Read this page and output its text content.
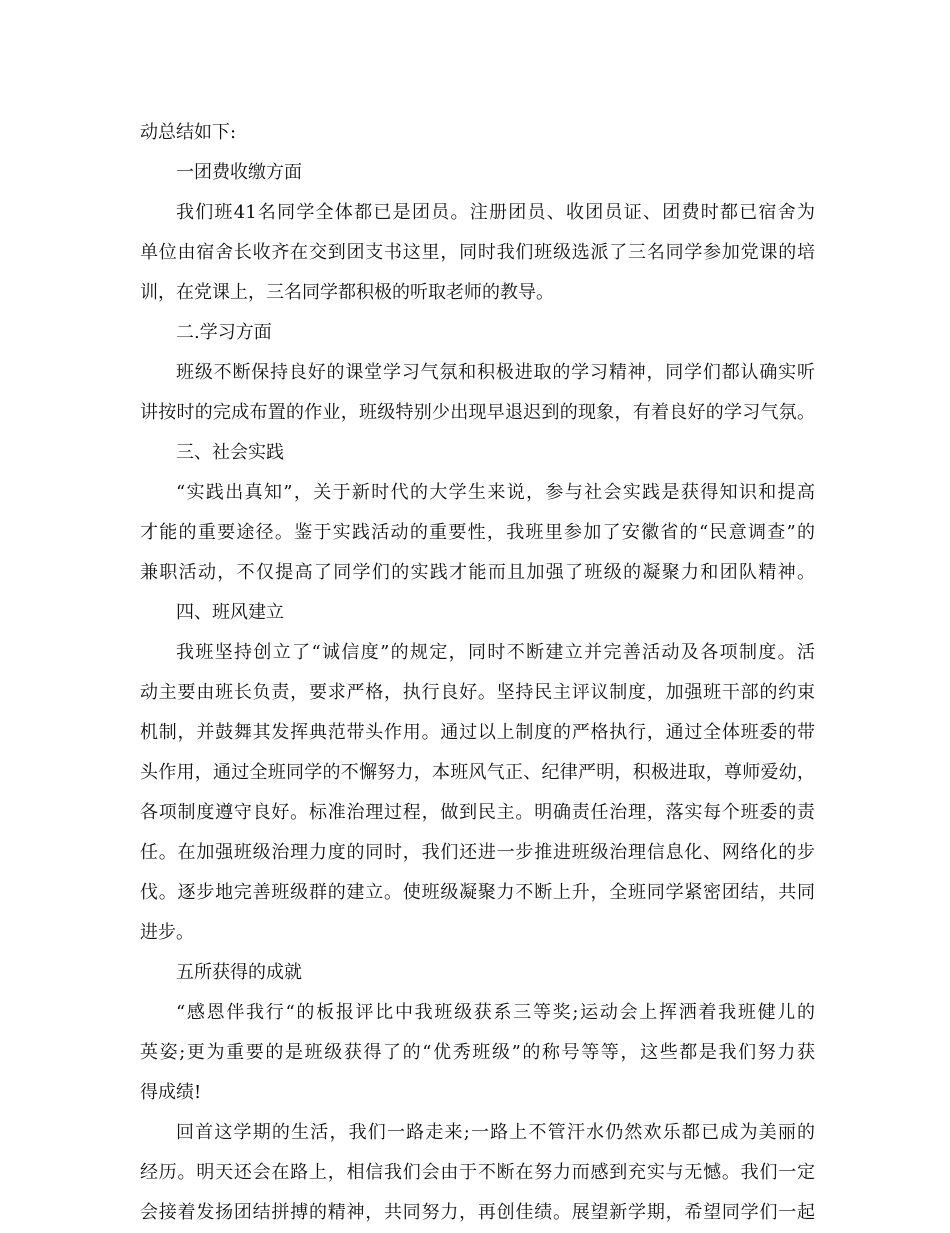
动总结如下:
一团费收缴方面
我们班41名同学全体都已是团员。注册团员、收团员证、团费时都已宿舍为
单位由宿舍长收齐在交到团支书这里，同时我们班级选派了三名同学参加党课的培
训，在党课上，三名同学都积极的听取老师的教导。
二.学习方面
班级不断保持良好的课堂学习气氛和积极进取的学习精神，同学们都认确实听
讲按时的完成布置的作业，班级特别少出现早退迟到的现象，有着良好的学习气氛。
三、社会实践
“实践出真知”，关于新时代的大学生来说，参与社会实践是获得知识和提高
才能的重要途径。鉴于实践活动的重要性，我班里参加了安徽省的“民意调查”的
兼职活动，不仅提高了同学们的实践才能而且加强了班级的凝聚力和团队精神。
四、班风建立
我班坚持创立了“诚信度”的规定，同时不断建立并完善活动及各项制度。活
动主要由班长负责，要求严格，执行良好。坚持民主评议制度，加强班干部的约束
机制，并鼓舞其发挥典范带头作用。通过以上制度的严格执行，通过全体班委的带
头作用，通过全班同学的不懈努力，本班风气正、纪律严明，积极进取，尊师爱幼，
各项制度遵守良好。标准治理过程，做到民主。明确责任治理，落实每个班委的责
任。在加强班级治理力度的同时，我们还进一步推进班级治理信息化、网络化的步
伐。逐步地完善班级群的建立。使班级凝聚力不断上升，全班同学紧密团结，共同
进步。
五所获得的成就
“感恩伴我行“的板报评比中我班级获系三等奖;运动会上挥洒着我班健儿的
英姿;更为重要的是班级获得了的“优秀班级”的称号等等，这些都是我们努力获
得成绩!
回首这学期的生活，我们一路走来;一路上不管汗水仍然欢乐都已成为美丽的
经历。明天还会在路上，相信我们会由于不断在努力而感到充实与无憾。我们一定
会接着发扬团结拼搏的精神，共同努力，再创佳绩。展望新学期，希望同学们一起
